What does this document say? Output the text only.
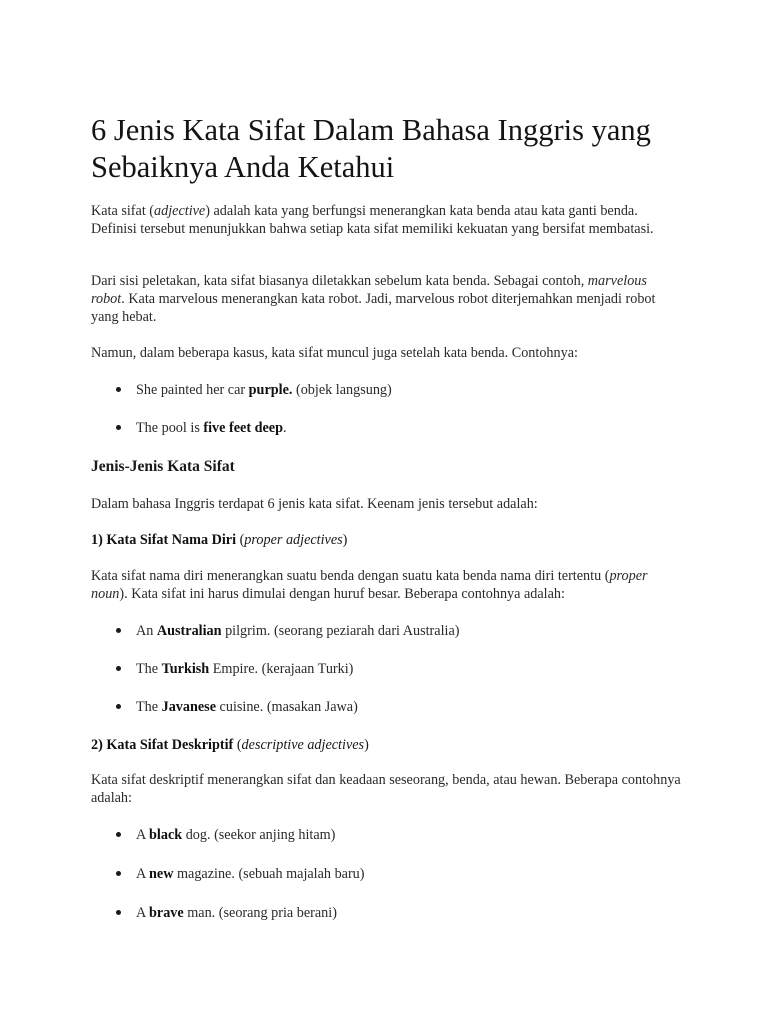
6 Jenis Kata Sifat Dalam Bahasa Inggris yang Sebaiknya Anda Ketahui

Kata sifat (adjective) adalah kata yang berfungsi menerangkan kata benda atau kata ganti benda. Definisi tersebut menunjukkan bahwa setiap kata sifat memiliki kekuatan yang bersifat membatasi.

Dari sisi peletakan, kata sifat biasanya diletakkan sebelum kata benda. Sebagai contoh, marvelous robot. Kata marvelous menerangkan kata robot. Jadi, marvelous robot diterjemahkan menjadi robot yang hebat.

Namun, dalam beberapa kasus, kata sifat muncul juga setelah kata benda. Contohnya:

She painted her car purple. (objek langsung)
The pool is five feet deep.
Jenis-Jenis Kata Sifat

Dalam bahasa Inggris terdapat 6 jenis kata sifat. Keenam jenis tersebut adalah:

1) Kata Sifat Nama Diri (proper adjectives)

Kata sifat nama diri menerangkan suatu benda dengan suatu kata benda nama diri tertentu (proper noun). Kata sifat ini harus dimulai dengan huruf besar. Beberapa contohnya adalah:

An Australian pilgrim. (seorang peziarah dari Australia)
The Turkish Empire. (kerajaan Turki)
The Javanese cuisine. (masakan Jawa)
2) Kata Sifat Deskriptif (descriptive adjectives)

Kata sifat deskriptif menerangkan sifat dan keadaan seseorang, benda, atau hewan. Beberapa contohnya adalah:

A black dog. (seekor anjing hitam)
A new magazine. (sebuah majalah baru)
A brave man. (seorang pria berani)
